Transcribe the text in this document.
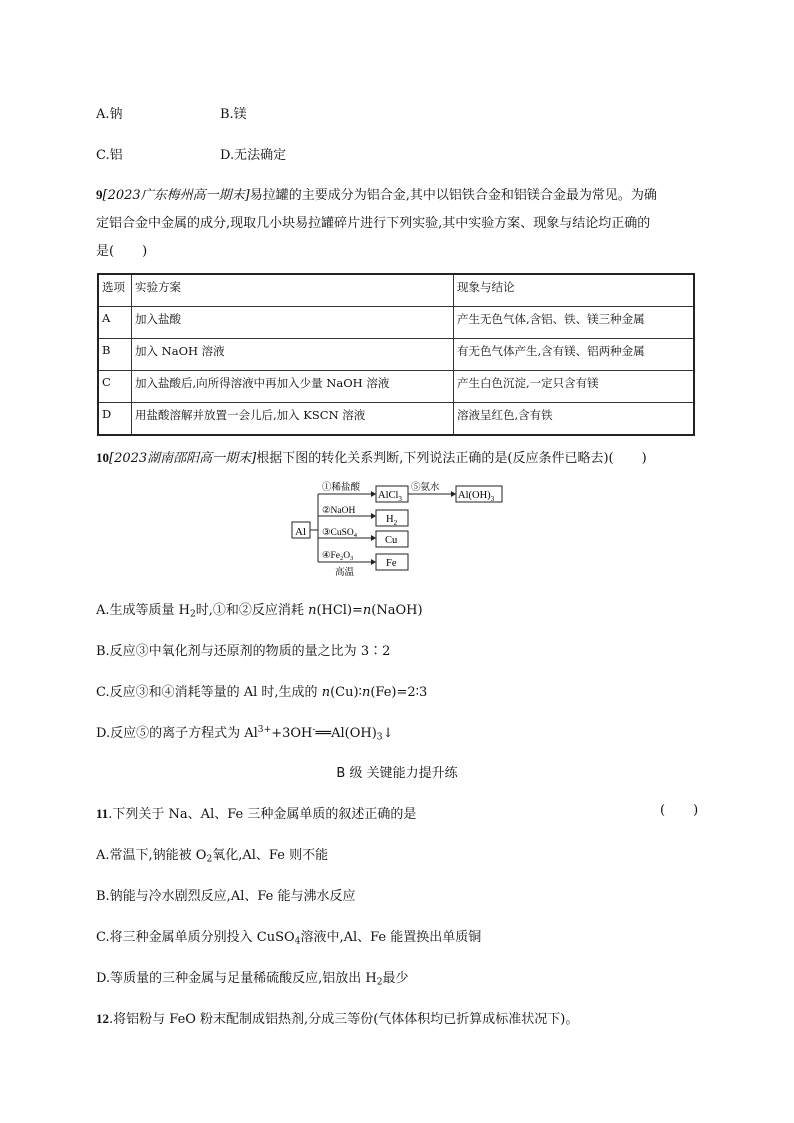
A.钠	B.镁
C.铝	D.无法确定
9[2023广东梅州高一期末]易拉罐的主要成分为铝合金,其中以铝铁合金和铝镁合金最为常见。为确
定铝合金中金属的成分,现取几小块易拉罐碎片进行下列实验,其中实验方案、现象与结论均正确的
是( )
选项	实验方案	现象与结论
A	加入盐酸	产生无色气体,含铝、铁、镁三种金属
B	加入 NaOH 溶液	有无色气体产生,含有镁、铝两种金属
C	加入盐酸后,向所得溶液中再加入少量 NaOH 溶液	产生白色沉淀,一定只含有镁
D	用盐酸溶解并放置一会儿后,加入 KSCN 溶液	溶液呈红色,含有铁
10[2023湖南邵阳高一期末]根据下图的转化关系判断,下列说法正确的是(反应条件已略去)( )
Al
①稀盐酸
AlCl$_3$
⑤氨水
$Al(OH)_3$
②NaOH
$H_2$
③CuSO$_4$	Cu
$④Fe_2O_3$
高温
Fe
A.生成等质量 $H_2$时,①和②反应消耗 n(HCl)=n(NaOH)
B.反应③中氧化剂与还原剂的物质的量之比为 3∶2
C.反应③和④消耗等量的 Al 时,生成的 n(Cu)∶n(Fe)=2∶3
D.反应⑤的离子方程式为 $Al^{3+}+3OH^-══Al(OH)_3↓$
B 级 关键能力提升练
11.下列关于 Na、Al、Fe 三种金属单质的叙述正确的是	( )
A.常温下,钠能被 $O_2$氧化,Al、Fe 则不能
B.钠能与冷水剧烈反应,Al、Fe 能与沸水反应
C.将三种金属单质分别投入 CuSO$_4$溶液中,Al、Fe 能置换出单质铜
D.等质量的三种金属与足量稀硫酸反应,铝放出 $H_2$最少
12.将铝粉与 FeO 粉末配制成铝热剂,分成三等份(气体体积均已折算成标准状况下)。
